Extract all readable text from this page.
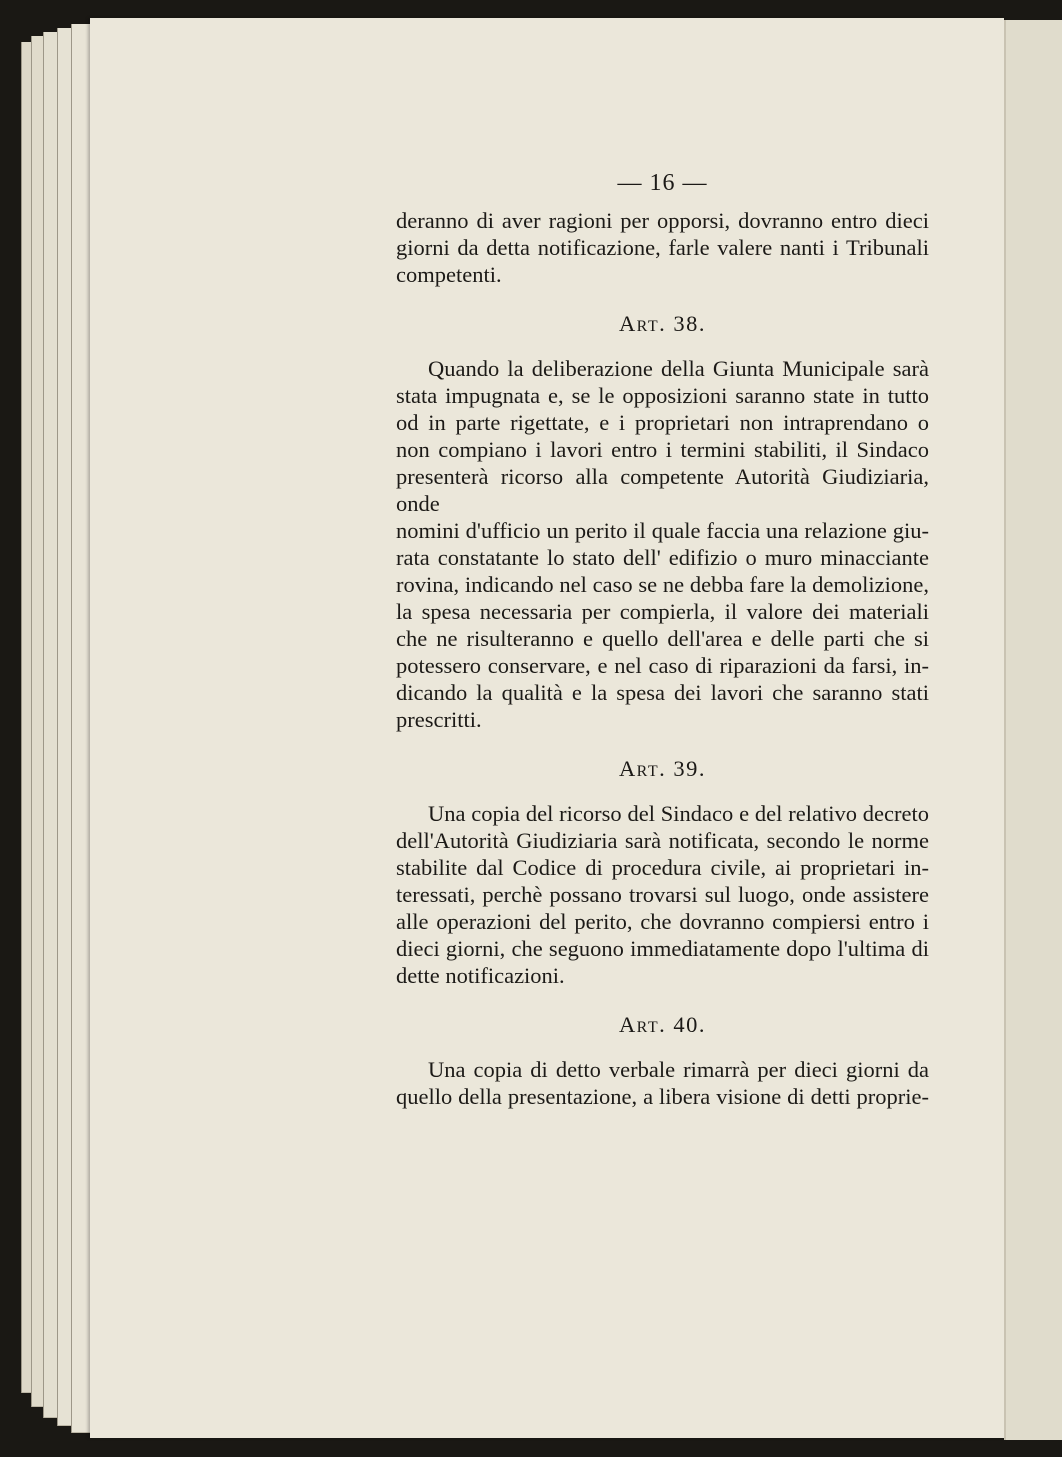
— 16 —
deranno di aver ragioni per opporsi, dovranno entro dieci
giorni da detta notificazione, farle valere nanti i Tribunali
competenti.
Art. 38.
Quando la deliberazione della Giunta Municipale sarà
stata impugnata e, se le opposizioni saranno state in tutto
od in parte rigettate, e i proprietari non intraprendano o
non compiano i lavori entro i termini stabiliti, il Sindaco
presenterà ricorso alla competente Autorità Giudiziaria, onde
nomini d'ufficio un perito il quale faccia una relazione giu-
rata constatante lo stato dell' edifizio o muro minacciante
rovina, indicando nel caso se ne debba fare la demolizione,
la spesa necessaria per compierla, il valore dei materiali
che ne risulteranno e quello dell'area e delle parti che si
potessero conservare, e nel caso di riparazioni da farsi, in-
dicando la qualità e la spesa dei lavori che saranno stati
prescritti.
Art. 39.
Una copia del ricorso del Sindaco e del relativo decreto
dell'Autorità Giudiziaria sarà notificata, secondo le norme
stabilite dal Codice di procedura civile, ai proprietari in-
teressati, perchè possano trovarsi sul luogo, onde assistere
alle operazioni del perito, che dovranno compiersi entro i
dieci giorni, che seguono immediatamente dopo l'ultima di
dette notificazioni.
Art. 40.
Una copia di detto verbale rimarrà per dieci giorni da
quello della presentazione, a libera visione di detti proprie-
